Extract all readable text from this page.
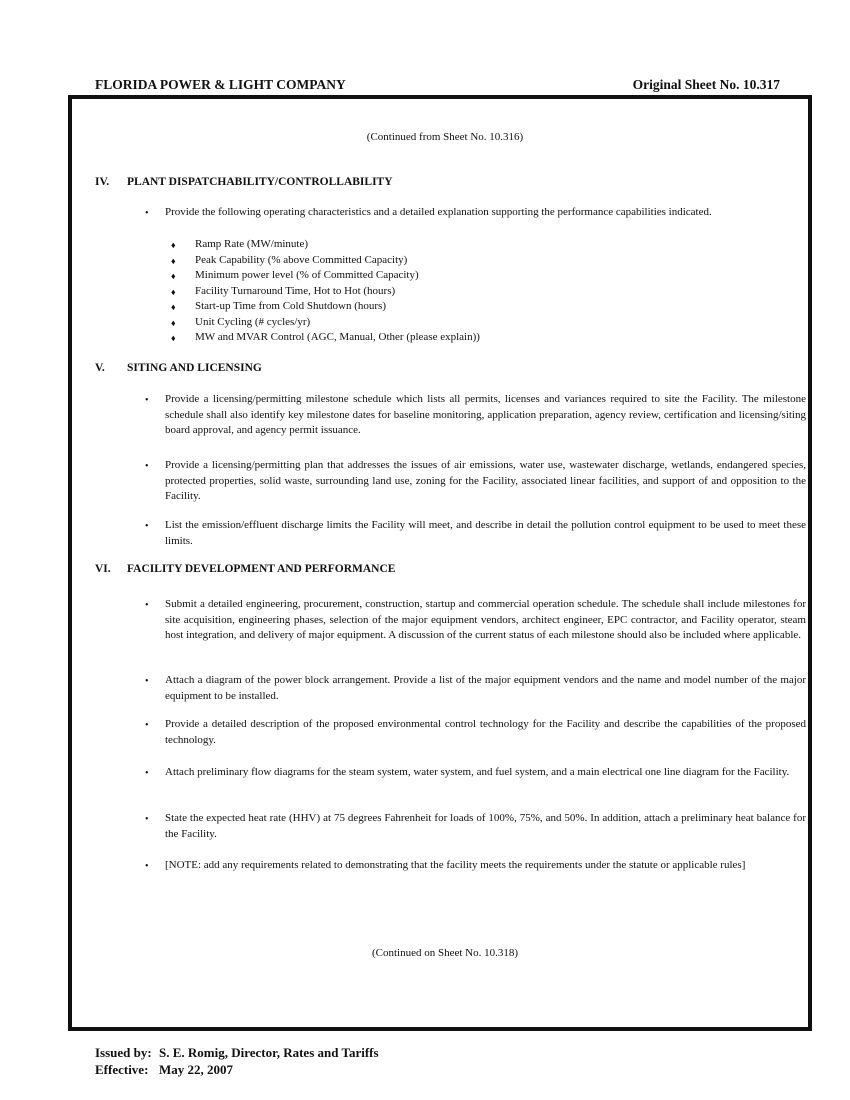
FLORIDA POWER & LIGHT COMPANY	Original Sheet No. 10.317
(Continued from Sheet No. 10.316)
IV. PLANT DISPATCHABILITY/CONTROLLABILITY
• Provide the following operating characteristics and a detailed explanation supporting the performance capabilities indicated.
♦ Ramp Rate (MW/minute)
♦ Peak Capability (% above Committed Capacity)
♦ Minimum power level (% of Committed Capacity)
♦ Facility Turnaround Time, Hot to Hot (hours)
♦ Start-up Time from Cold Shutdown (hours)
♦ Unit Cycling (# cycles/yr)
♦ MW and MVAR Control (AGC, Manual, Other (please explain))
V. SITING AND LICENSING
• Provide a licensing/permitting milestone schedule which lists all permits, licenses and variances required to site the Facility. The milestone schedule shall also identify key milestone dates for baseline monitoring, application preparation, agency review, certification and licensing/siting board approval, and agency permit issuance.
• Provide a licensing/permitting plan that addresses the issues of air emissions, water use, wastewater discharge, wetlands, endangered species, protected properties, solid waste, surrounding land use, zoning for the Facility, associated linear facilities, and support of and opposition to the Facility.
• List the emission/effluent discharge limits the Facility will meet, and describe in detail the pollution control equipment to be used to meet these limits.
VI. FACILITY DEVELOPMENT AND PERFORMANCE
• Submit a detailed engineering, procurement, construction, startup and commercial operation schedule. The schedule shall include milestones for site acquisition, engineering phases, selection of the major equipment vendors, architect engineer, EPC contractor, and Facility operator, steam host integration, and delivery of major equipment. A discussion of the current status of each milestone should also be included where applicable.
• Attach a diagram of the power block arrangement. Provide a list of the major equipment vendors and the name and model number of the major equipment to be installed.
• Provide a detailed description of the proposed environmental control technology for the Facility and describe the capabilities of the proposed technology.
• Attach preliminary flow diagrams for the steam system, water system, and fuel system, and a main electrical one line diagram for the Facility.
• State the expected heat rate (HHV) at 75 degrees Fahrenheit for loads of 100%, 75%, and 50%. In addition, attach a preliminary heat balance for the Facility.
• [NOTE: add any requirements related to demonstrating that the facility meets the requirements under the statute or applicable rules]
(Continued on Sheet No. 10.318)
Issued by: S. E. Romig, Director, Rates and Tariffs
Effective: May 22, 2007
